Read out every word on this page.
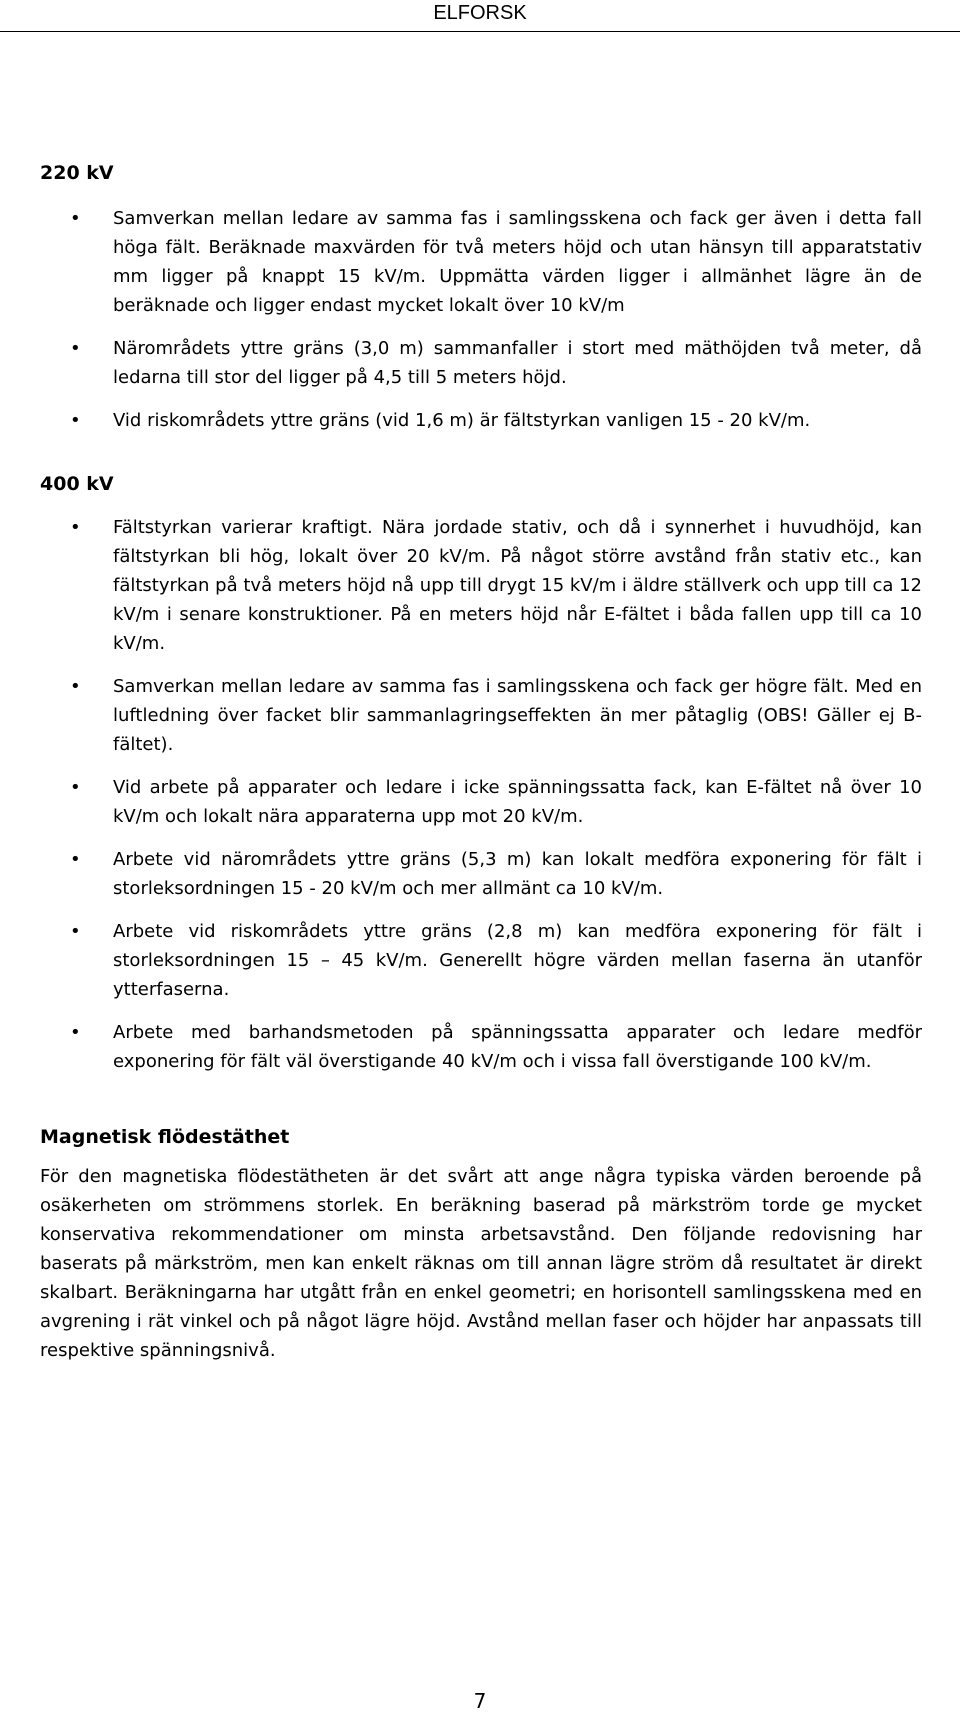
ELFORSK
220 kV
• Samverkan mellan ledare av samma fas i samlingsskena och fack ger även i detta fall höga fält. Beräknade maxvärden för två meters höjd och utan hänsyn till apparatstativ mm ligger på knappt 15 kV/m. Uppmätta värden ligger i allmänhet lägre än de beräknade och ligger endast mycket lokalt över 10 kV/m
• Närområdets yttre gräns (3,0 m) sammanfaller i stort med mäthöjden två meter, då ledarna till stor del ligger på 4,5 till 5 meters höjd.
• Vid riskområdets yttre gräns (vid 1,6 m) är fältstyrkan vanligen 15 - 20 kV/m.
400 kV
• Fältstyrkan varierar kraftigt. Nära jordade stativ, och då i synnerhet i huvudhöjd, kan fältstyrkan bli hög, lokalt över 20 kV/m. På något större avstånd från stativ etc., kan fältstyrkan på två meters höjd nå upp till drygt 15 kV/m i äldre ställverk och upp till ca 12 kV/m i senare konstruktioner. På en meters höjd når E-fältet i båda fallen upp till ca 10 kV/m.
• Samverkan mellan ledare av samma fas i samlingsskena och fack ger högre fält. Med en luftledning över facket blir sammanlagringseffekten än mer påtaglig (OBS! Gäller ej B-fältet).
• Vid arbete på apparater och ledare i icke spänningssatta fack, kan E-fältet nå över 10 kV/m och lokalt nära apparaterna upp mot 20 kV/m.
• Arbete vid närområdets yttre gräns (5,3 m) kan lokalt medföra exponering för fält i storleksordningen 15 - 20 kV/m och mer allmänt ca 10 kV/m.
• Arbete vid riskområdets yttre gräns (2,8 m) kan medföra exponering för fält i storleksordningen 15 – 45 kV/m. Generellt högre värden mellan faserna än utanför ytterfaserna.
• Arbete med barhandsmetoden på spänningssatta apparater och ledare medför exponering för fält väl överstigande 40 kV/m och i vissa fall överstigande 100 kV/m.
Magnetisk flödestäthet

För den magnetiska flödestätheten är det svårt att ange några typiska värden beroende på osäkerheten om strömmens storlek. En beräkning baserad på märkström torde ge mycket konservativa rekommendationer om minsta arbetsavstånd. Den följande redovisning har baserats på märkström, men kan enkelt räknas om till annan lägre ström då resultatet är direkt skalbart. Beräkningarna har utgått från en enkel geometri; en horisontell samlingsskena med en avgrening i rät vinkel och på något lägre höjd. Avstånd mellan faser och höjder har anpassats till respektive spänningsnivå.

7
